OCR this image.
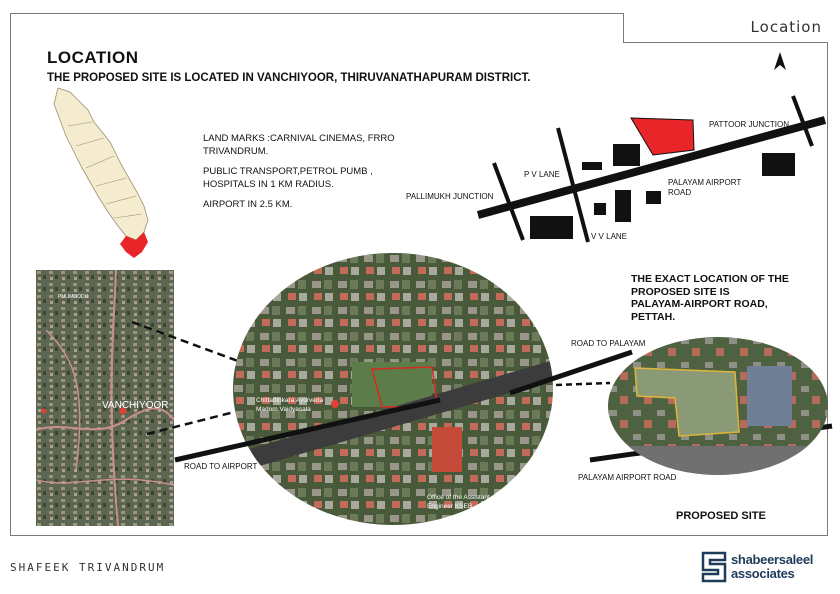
Location
LOCATION
THE PROPOSED SITE IS LOCATED IN VANCHIYOOR, THIRUVANATHAPURAM DISTRICT.

LAND MARKS :CARNIVAL CINEMAS, FRRO
TRIVANDRUM.

PUBLIC TRANSPORT,PETROL PUMB ,
HOSPITALS IN 1 KM RADIUS.

AIRPORT IN 2.5 KM.

PATTOOR JUNCTION
P V LANE
PALLIMUKH JUNCTION
PALAYAM AIRPORT
ROAD
V V LANE
THE EXACT LOCATION OF THE
PROPOSED SITE IS
PALAYAM-AIRPORT ROAD,
PETTAH.
VANCHIYOOR
PULIMOODU
Chittattinkara Ayurveda
Madom Vaidyasala
Office of the Assistant
Engineer KSEB
ROAD TO AIRPORT
ROAD TO PALAYAM
PALAYAM AIRPORT ROAD
PROPOSED SITE
SHAFEEK TRIVANDRUM
shabeersaleel
associates
